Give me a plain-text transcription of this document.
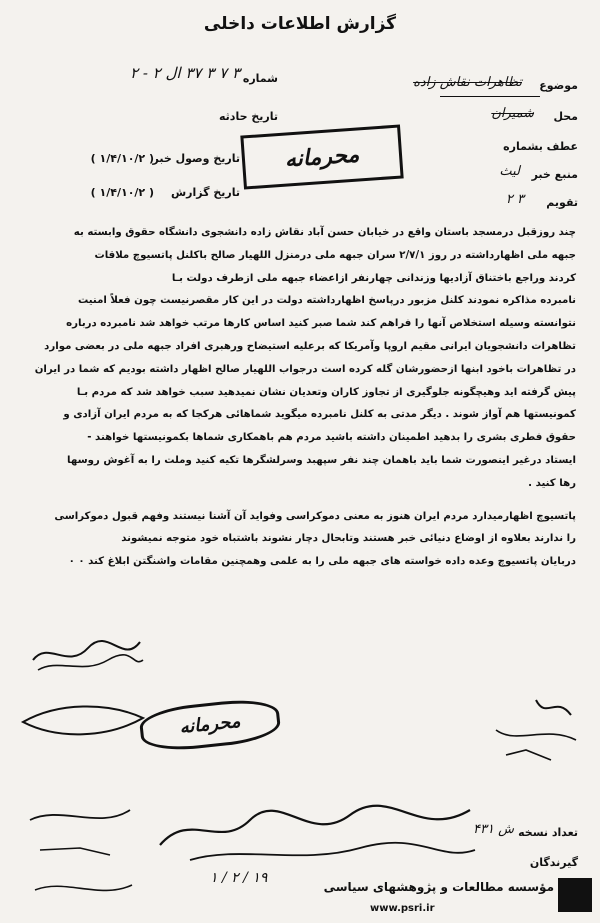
گزارش اطلاعات داخلی
موضوع
تظاهرات نقاش زاده
محل
شمیران
عطف بشماره
منبع خبر
لیث
تقویم
۳ ۲
شماره
۳ ۷ ۳ ۳۷ ال ۲ - ۲
تاریخ حادثه
تاریخ وصول خبر
( ۱/۴/۱۰/۲ )
تاریخ گزارش
( ۱/۴/۱۰/۲ )
محرمانه

چند روزقبل درمسجد باستان واقع در خیابان حسن آباد نقاش زاده دانشجوی دانشگاه حقوق وابسته به

جبهه ملی اظهارداشته در روز ۲/۷/۱ سران جبهه ملی درمنزل اللهیار صالح باکلنل پاتسیوچ ملاقات

کردند وراجع باختناق آزادیها وزندانی چهارنفر ازاعضاء جبهه ملی ازطرف دولت بـا

نامبرده مذاکره نمودند کلنل مزبور درپاسخ اظهارداشته دولت در این کار مقصرنیست چون فعلاً امنیت

نتوانسته وسیله استخلاص آنها را فراهم کند شما صبر کنید اساس کارها مرتب خواهد شد نامبرده درباره

تظاهرات دانشجویان ایرانی مقیم اروپا وآمریکا که برعلیه استیضاح ورهبری افراد جبهه ملی در بعضی موارد

در تظاهرات باخود ابنها ازحضورشان گله کرده است درجواب اللهیار صالح اظهار داشته بودیم که شما در ایران

پیش گرفته اید وهیچگونه جلوگیری از تجاوز کاران وتعدیان نشان نمیدهید سبب خواهد شد که مردم بـا

کمونیستها هم آواز شوند . دیگر مدتی به کلنل نامبرده میگوید شماهائی هرکجا که به مردم ایران آزادی و

حقوق فطری بشری را بدهید اطمینان داشته باشید مردم هم باهمکاری شماها بکمونیستها خواهند -

ایستاد درغیر اینصورت شما باید باهمان چند نفر سپهبد وسرلشگرها تکیه کنید وملت را به آغوش روسها

رها کنید .

پاتسیوچ اظهارمیدارد مردم ایران هنوز به معنی دموکراسی وفواید آن آشنا نیستند وفهم قبول دموکراسی

را ندارند بعلاوه از اوضاع دنیائی خبر هستند وتابحال دچار نشوند باشتباه خود متوجه نمیشوند

دربایان پاتسیوچ وعده داده خواسته های جبهه ملی را به علمی وهمچنین مقامات واشنگتن ابلاغ کند ۰ ۰

محرمانه
تعداد نسخه
ش ۴۳۱
گیرندگان
۱۹ / ۲ / ۱
مؤسسه مطالعات و پژوهشهای سیاسی
www.psri.ir
